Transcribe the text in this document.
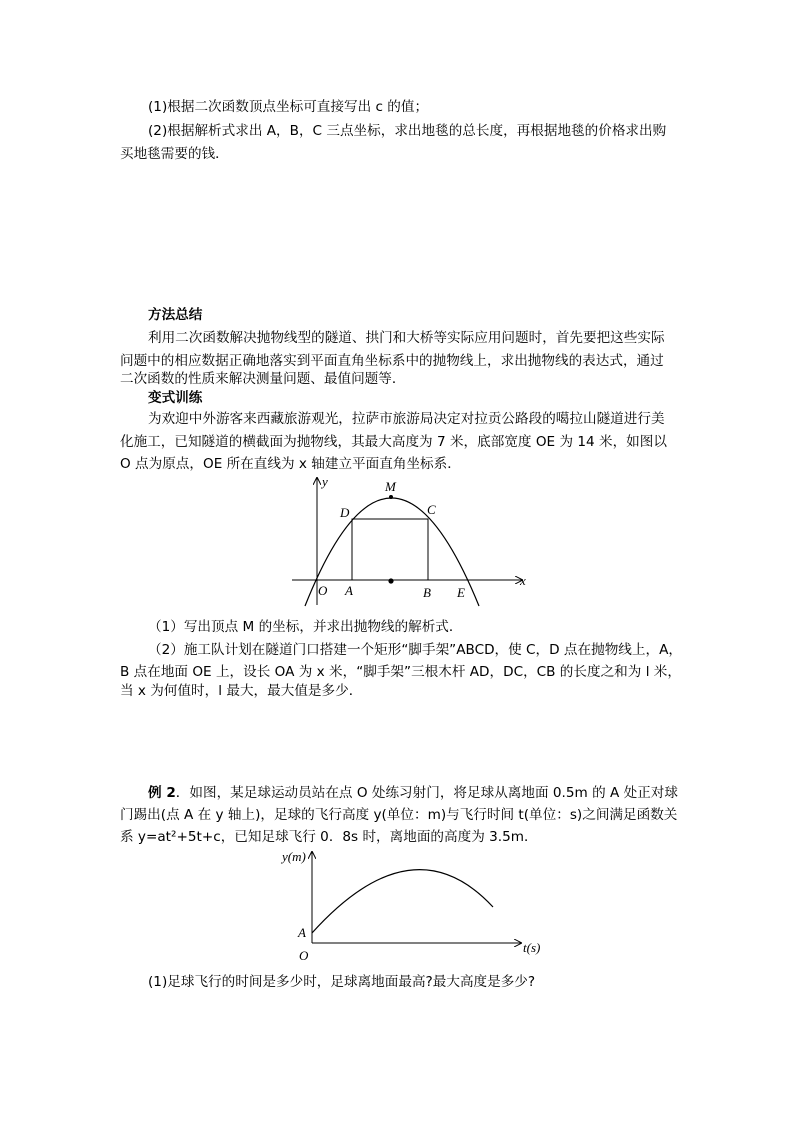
(1)根据二次函数顶点坐标可直接写出 c 的值；
(2)根据解析式求出 A，B，C 三点坐标，求出地毯的总长度，再根据地毯的价格求出购
买地毯需要的钱．
方法总结
利用二次函数解决抛物线型的隧道、拱门和大桥等实际应用问题时，首先要把这些实际
问题中的相应数据正确地落实到平面直角坐标系中的抛物线上，求出抛物线的表达式，通过
二次函数的性质来解决测量问题、最值问题等．
变式训练
为欢迎中外游客来西藏旅游观光，拉萨市旅游局决定对拉贡公路段的噶拉山隧道进行美
化施工，已知隧道的横截面为抛物线，其最大高度为 7 米，底部宽度 OE 为 14 米，如图以
O 点为原点，OE 所在直线为 x 轴建立平面直角坐标系．
y
x
M
D	C
O A	B E
（1）写出顶点 M 的坐标，并求出抛物线的解析式．
（2）施工队计划在隧道门口搭建一个矩形“脚手架”ABCD，使 C，D 点在抛物线上，A，
B 点在地面 OE 上，设长 OA 为 x 米，“脚手架”三根木杆 AD，DC，CB 的长度之和为 l 米，
当 x 为何值时，l 最大，最大值是多少．
例 2．如图，某足球运动员站在点 O 处练习射门，将足球从离地面 0.5m 的 A 处正对球
门踢出(点 A 在 y 轴上)，足球的飞行高度 y(单位：m)与飞行时间 t(单位：s)之间满足函数关
系 y=at²+5t+c，已知足球飞行 0．8s 时，离地面的高度为 3.5m．
y(m)
t(s)
A
O
(1)足球飞行的时间是多少时，足球离地面最高?最大高度是多少?
